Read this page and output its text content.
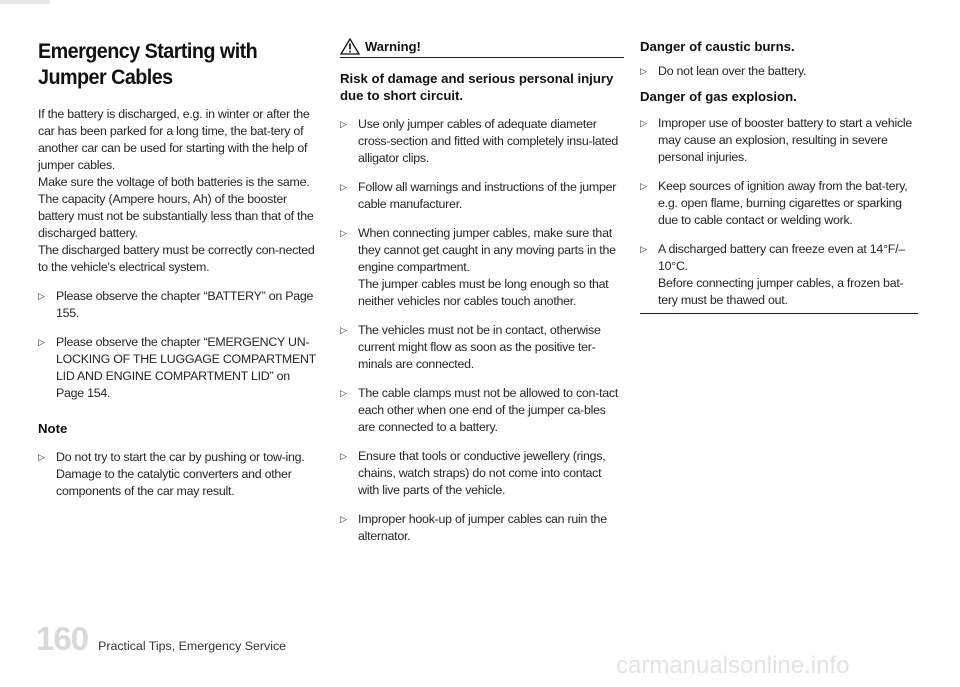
Emergency Starting with Jumper Cables

If the battery is discharged, e.g. in winter or after the car has been parked for a long time, the bat-tery of another car can be used for starting with the help of jumper cables.

Make sure the voltage of both batteries is the same.

The capacity (Ampere hours, Ah) of the booster battery must not be substantially less than that of the discharged battery.

The discharged battery must be correctly con-nected to the vehicle's electrical system.

▷ Please observe the chapter “BATTERY” on Page 155.
▷ Please observe the chapter “EMERGENCY UN-LOCKING OF THE LUGGAGE COMPARTMENT LID AND ENGINE COMPARTMENT LID” on Page 154.
Note
▷ Do not try to start the car by pushing or tow-ing. Damage to the catalytic converters and other components of the car may result.
Warning!
Risk of damage and serious personal injury due to short circuit.
▷ Use only jumper cables of adequate diameter cross-section and fitted with completely insu-lated alligator clips.
▷ Follow all warnings and instructions of the jumper cable manufacturer.
▷ When connecting jumper cables, make sure that they cannot get caught in any moving parts in the engine compartment.
The jumper cables must be long enough so that neither vehicles nor cables touch another.
▷ The vehicles must not be in contact, otherwise current might flow as soon as the positive ter-minals are connected.
▷ The cable clamps must not be allowed to con-tact each other when one end of the jumper ca-bles are connected to a battery.
▷ Ensure that tools or conductive jewellery (rings, chains, watch straps) do not come into contact with live parts of the vehicle.
▷ Improper hook-up of jumper cables can ruin the alternator.
Danger of caustic burns.
▷ Do not lean over the battery.
Danger of gas explosion.
▷ Improper use of booster battery to start a vehicle may cause an explosion, resulting in severe personal injuries.
▷ Keep sources of ignition away from the bat-tery, e.g. open flame, burning cigarettes or sparking due to cable contact or welding work.
▷ A discharged battery can freeze even at 14°F/–10°C.
Before connecting jumper cables, a frozen bat-tery must be thawed out.
160 Practical Tips, Emergency Service
carmanualsonline.info
